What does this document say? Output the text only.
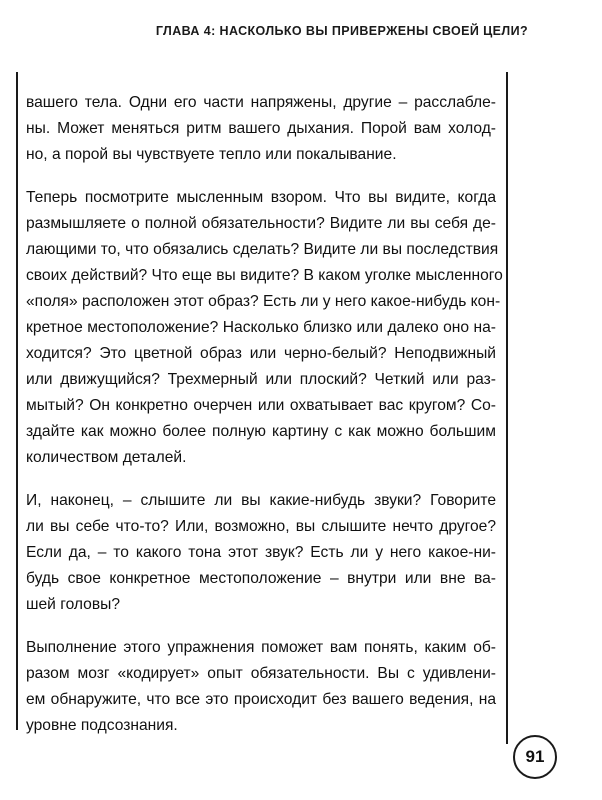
ГЛАВА 4: НАСКОЛЬКО ВЫ ПРИВЕРЖЕНЫ СВОЕЙ ЦЕЛИ?

вашего тела. Одни его части напряжены, другие – расслабле-
ны. Может меняться ритм вашего дыхания. Порой вам холод-
но, а порой вы чувствуете тепло или покалывание.

Теперь посмотрите мысленным взором. Что вы видите, когда
размышляете о полной обязательности? Видите ли вы себя де-
лающими то, что обязались сделать? Видите ли вы последствия
своих действий? Что еще вы видите? В каком уголке мысленного
«поля» расположен этот образ? Есть ли у него какое-нибудь кон-
кретное местоположение? Насколько близко или далеко оно на-
ходится? Это цветной образ или черно-белый? Неподвижный
или движущийся? Трехмерный или плоский? Четкий или раз-
мытый? Он конкретно очерчен или охватывает вас кругом? Со-
здайте как можно более полную картину с как можно большим
количеством деталей.

И, наконец, – слышите ли вы какие-нибудь звуки? Говорите
ли вы себе что-то? Или, возможно, вы слышите нечто другое?
Если да, – то какого тона этот звук? Есть ли у него какое-ни-
будь свое конкретное местоположение – внутри или вне ва-
шей головы?

Выполнение этого упражнения поможет вам понять, каким об-
разом мозг «кодирует» опыт обязательности. Вы с удивлени-
ем обнаружите, что все это происходит без вашего ведения, на
уровне подсознания.

91
